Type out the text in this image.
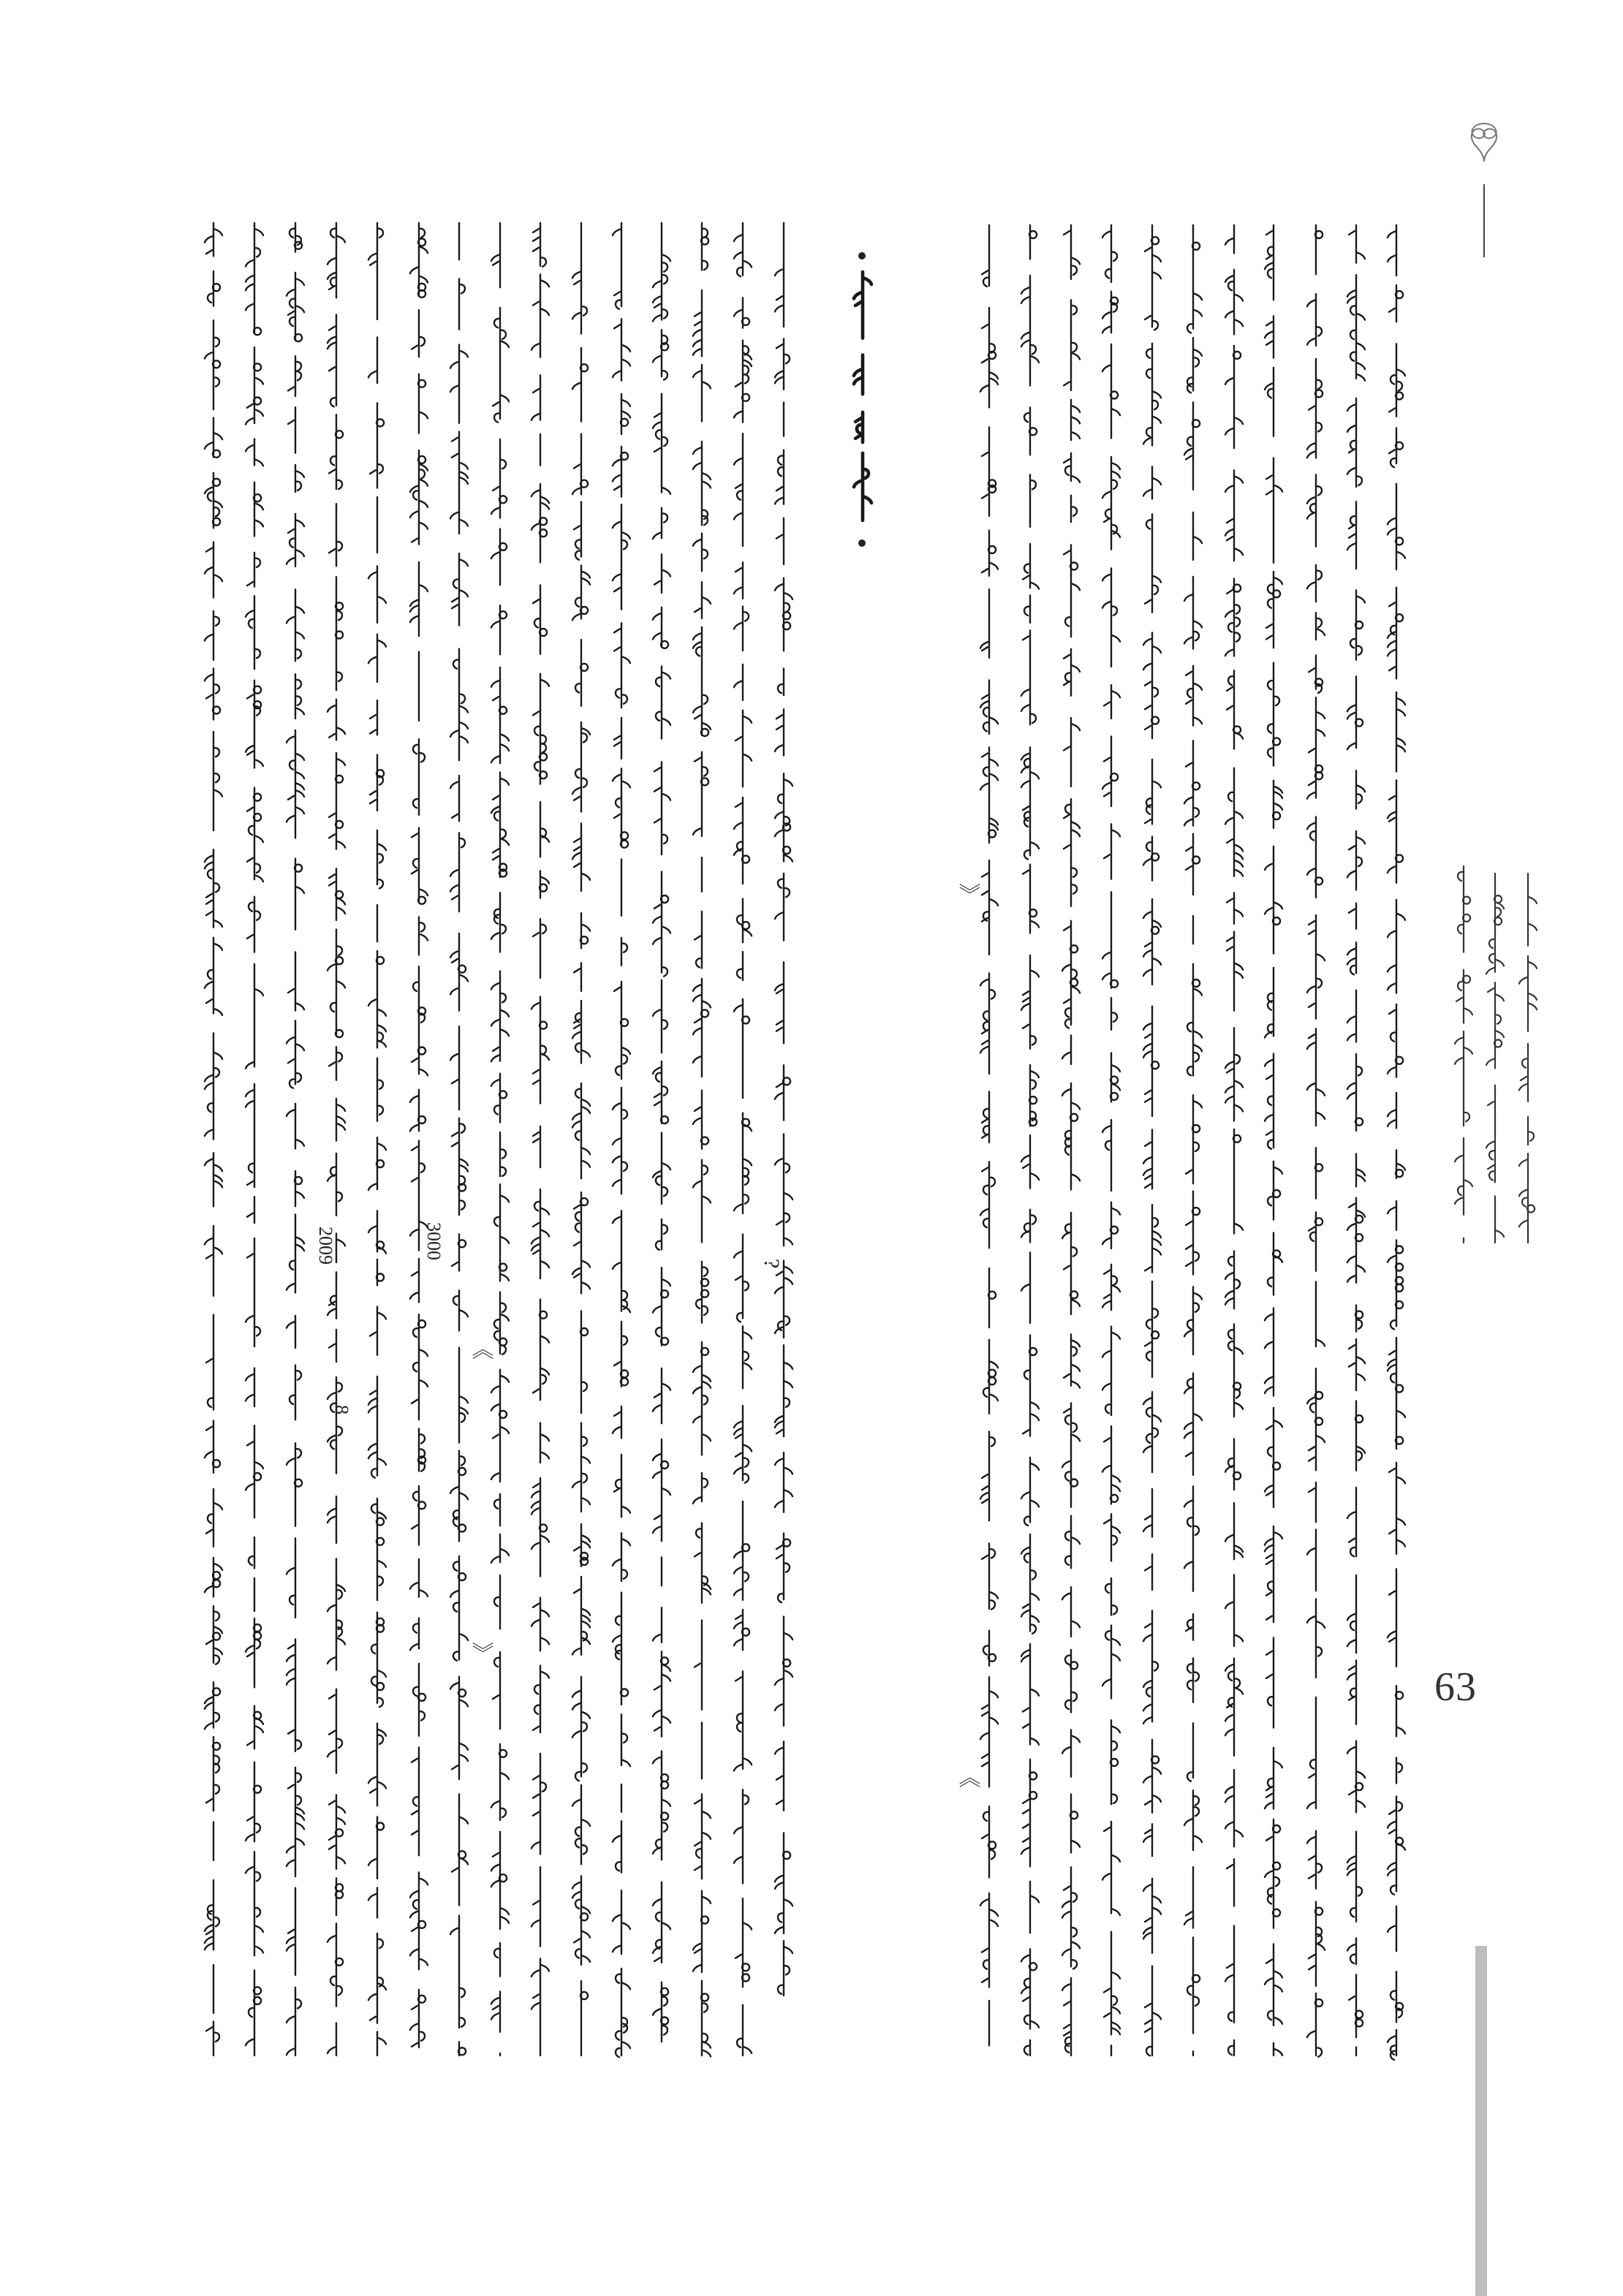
63
3000
2009
8
?
》
《
《
》
